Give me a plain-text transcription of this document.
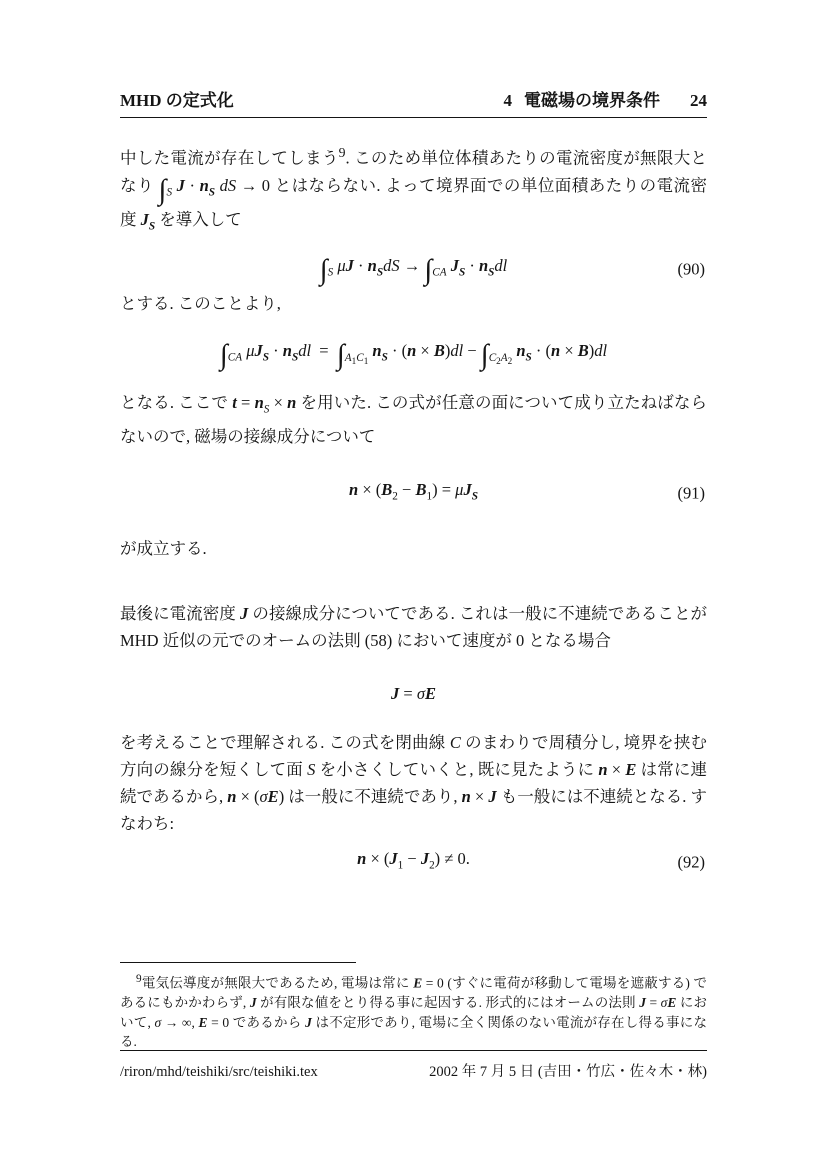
MHD の定式化	4 電磁場の境界条件 24

中した電流が存在してしまう$^9$. このため単位体積あたりの電流密度が無限大となり $\int_S$ $J \cdot n_S$ dS → 0 とはならない. よって境界面での単位面積あたりの電流密度 $J_S$ を導入して

$\int_S$ $\mu J \cdot n_SdS \to \int_{CA}$ $J_S \cdot n_Sdl$	(90)

とする. このことより,

$\int_{CA}$ $\mu J_S \cdot n_Sdl = \int_{A_1C_1}$ $n_S \cdot (n \times B)dl - \int_{C_2A_2}$ $n_S \cdot (n \times B)dl$

となる. ここで $t = n_S \times n$ を用いた. この式が任意の面について成り立たねばならないので, 磁場の接線成分について

$n \times (B_2 - B_1) = \mu J_S$	(91)

が成立する.

最後に電流密度 J の接線成分についてである. これは一般に不連続であることが MHD 近似の元でのオームの法則 (58) において速度が 0 となる場合

J = σE

を考えることで理解される. この式を閉曲線 C のまわりで周積分し, 境界を挟む方向の線分を短くして面 S を小さくしていくと, 既に見たように n × E は常に連続であるから, n × (σE) は一般に不連続であり, n × J も一般には不連続となる. すなわち:

$n \times (J_1 - J_2) \ne 0$.	(92)

$^9$電気伝導度が無限大であるため, 電場は常に E = 0 (すぐに電荷が移動して電場を遮蔽する) であるにもかかわらず, J が有限な値をとり得る事に起因する. 形式的にはオームの法則 J = σE において, σ → ∞, E = 0 であるから J は不定形であり, 電場に全く関係のない電流が存在し得る事になる.

/riron/mhd/teishiki/src/teishiki.tex	2002 年 7 月 5 日 (吉田・竹広・佐々木・林)
